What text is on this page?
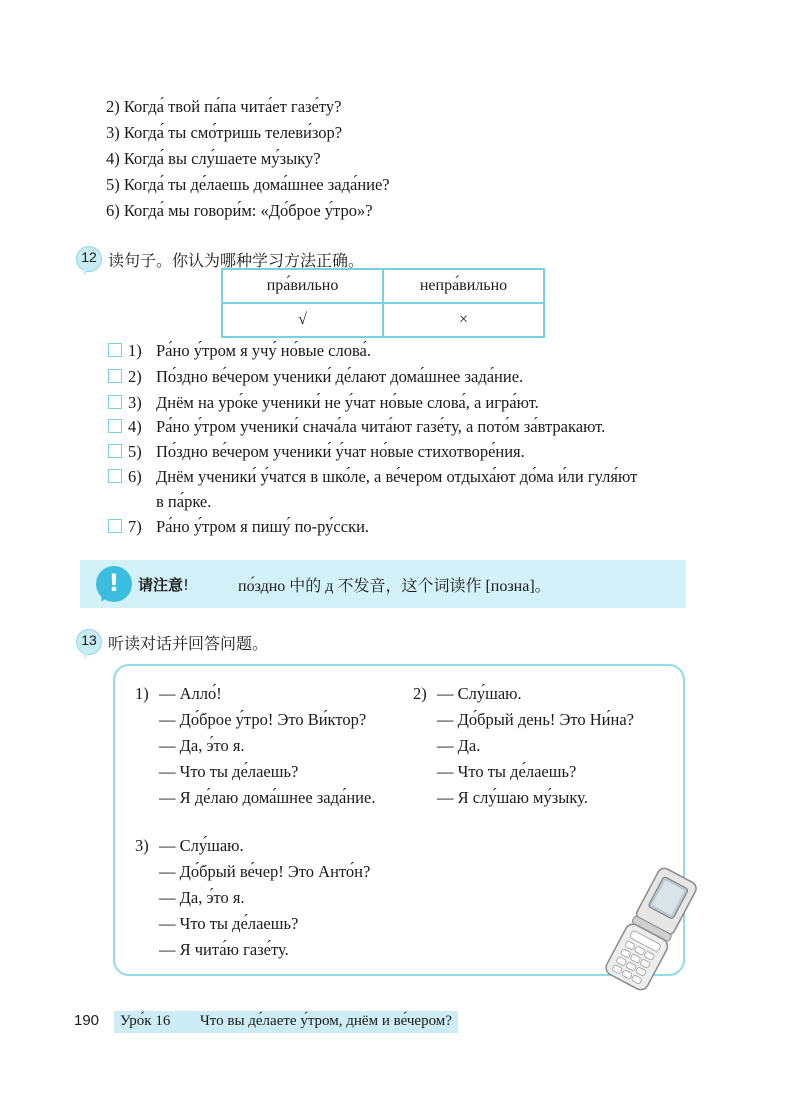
2) Когда́ твой па́па чита́ет газе́ту?
3) Когда́ ты смо́тришь телеви́зор?
4) Когда́ вы слу́шаете му́зыку?
5) Когда́ ты де́лаешь дома́шнее зада́ние?
6) Когда́ мы говори́м: «До́брое у́тро»?
12 读句子。你认为哪种学习方法正确。
пра́вильно	непра́вильно
√	×
1) Ра́но у́тром я учу́ но́вые слова́.
2) По́здно ве́чером ученики́ де́лают дома́шнее зада́ние.
3) Днём на уро́ке ученики́ не у́чат но́вые слова́, а игра́ют.
4) Ра́но у́тром ученики́ снача́ла чита́ют газе́ту, а пото́м за́втракают.
5) По́здно ве́чером ученики́ у́чат но́вые стихотворе́ния.
6) Днём ученики́ у́чатся в шко́ле, а ве́чером отдыха́ют до́ма и́ли гуля́ют
в па́рке.
7) Ра́но у́тром я пишу́ по-ру́сски.
!	请注意!	по́здно 中的 д 不发音，这个词读作 [позна]。
13 听读对话并回答问题。
1) — Алло́!
— До́брое у́тро! Это Ви́ктор?
— Да, э́то я.
— Что ты де́лаешь?
— Я де́лаю дома́шнее зада́ние.
2) — Слу́шаю.
— До́брый день! Это Ни́на?
— Да.
— Что ты де́лаешь?
— Я слу́шаю му́зыку.
3) — Слу́шаю.
— До́брый ве́чер! Это Анто́н?
— Да, э́то я.
— Что ты де́лаешь?
— Я чита́ю газе́ту.
190 Уро́к 16 Что вы де́лаете у́тром, днём и ве́чером?
